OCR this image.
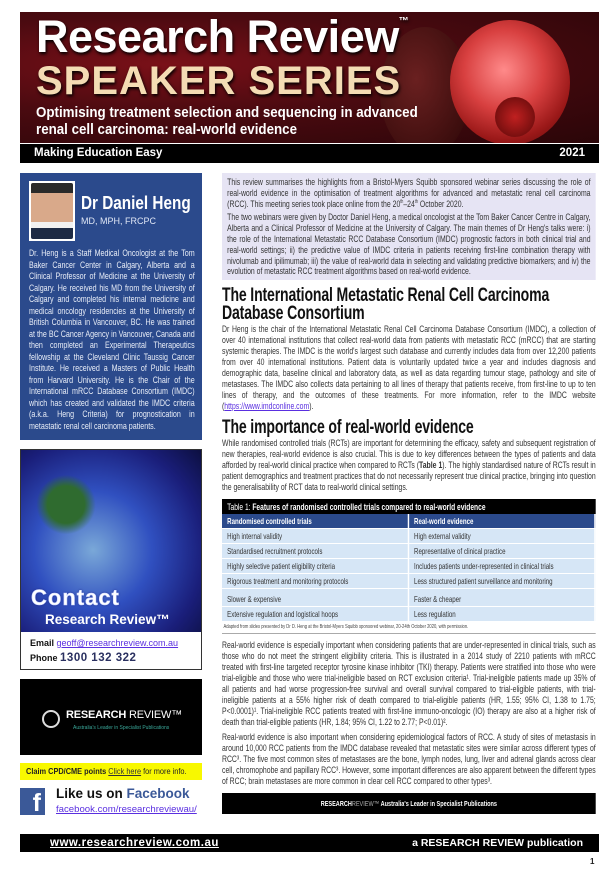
Research Review™
SPEAKER SERIES
Optimising treatment selection and sequencing in advanced
renal cell carcinoma: real-world evidence
Making Education Easy	2021
Dr Daniel Heng
MD, MPH, FRCPC
Dr. Heng is a Staff Medical Oncologist at the Tom Baker Cancer Center in Calgary, Alberta and a Clinical Professor of Medicine at the University of Calgary. He received his MD from the University of Calgary and completed his internal medicine and medical oncology residencies at the University of British Columbia in Vancouver, BC. He was trained at the BC Cancer Agency in Vancouver, Canada and then completed an Experimental Therapeutics fellowship at the Cleveland Clinic Taussig Cancer Institute. He received a Masters of Public Health from Harvard University. He is the Chair of the International mRCC Database Consortium (IMDC) which has created and validated the IMDC criteria (a.k.a. Heng Criteria) for prognostication in metastatic renal cell carcinoma patients.
Contact
Research Review™
Email geoff@researchreview.com.au
Phone 1300 132 322
RESEARCH REVIEW™
Australia's Leader in Specialist Publications
Claim CPD/CME points Click here for more info.
f Like us on Facebook
facebook.com/researchreviewau/

This review summarises the highlights from a Bristol-Myers Squibb sponsored webinar series discussing the role of real-world evidence in the optimisation of treatment algorithms for advanced and metastatic renal cell carcinoma (RCC). This meeting series took place online from the 20th–24th October 2020.

The two webinars were given by Doctor Daniel Heng, a medical oncologist at the Tom Baker Cancer Centre in Calgary, Alberta and a Clinical Professor of Medicine at the University of Calgary. The main themes of Dr Heng's talks were: i) the role of the International Metastatic RCC Database Consortium (IMDC) prognostic factors in both clinical trial and real-world settings; ii) the predictive value of IMDC criteria in patients receiving first-line combination therapy with nivolumab and ipilimumab; iii) the value of real-world data in selecting and validating predictive biomarkers; and iv) the evolution of metastatic RCC treatment algorithms based on real-world evidence.

The International Metastatic Renal Cell Carcinoma Database Consortium

Dr Heng is the chair of the International Metastatic Renal Cell Carcinoma Database Consortium (IMDC), a collection of over 40 international institutions that collect real-world data from patients with metastatic RCC (mRCC) that are starting systemic therapies. The IMDC is the world's largest such database and currently includes data from over 12,200 patients from over 40 international institutions. Patient data is voluntarily updated twice a year and includes diagnosis and demographic data, baseline clinical and laboratory data, as well as data regarding tumour stage, pathology and site of metastases. The IMDC also collects data pertaining to all lines of therapy that patients receive, from first-line to up to ten lines of therapy, and the outcomes of these treatments. For more information, refer to the IMDC website (https://www.imdconline.com).

The importance of real-world evidence

While randomised controlled trials (RCTs) are important for determining the efficacy, safety and subsequent registration of new therapies, real-world evidence is also crucial. This is due to key differences between the types of patients and data afforded by real-world clinical practice when compared to RCTs (Table 1). The highly standardised nature of RCTs result in patient demographics and treatment practices that do not necessarily represent true clinical practice, bringing into question the generalisability of RCT data to real-world clinical settings.

Table 1: Features of randomised controlled trials compared to real-world evidence
Randomised controlled trials	Real-world evidence
High internal validity	High external validity
Standardised recruitment protocols	Representative of clinical practice
Highly selective patient eligibility criteria	Includes patients under-represented in clinical trials
Rigorous treatment and monitoring protocols	Less structured patient surveillance and monitoring
Slower & expensive	Faster & cheaper
Extensive regulation and logistical hoops	Less regulation
Adapted from slides presented by Dr D. Heng at the Bristol-Myers Squibb sponsored webinar, 20-24th October 2020, with permission.

Real-world evidence is especially important when considering patients that are under-represented in clinical trials, such as those who do not meet the stringent eligibility criteria. This is illustrated in a 2014 study of 2210 patients with mRCC treated with first-line targeted receptor tyrosine kinase inhibitor (TKI) therapy. Patients were stratified into those who were trial-eligible and those who were trial-ineligible based on RCT exclusion criteria¹. Trial-ineligible patients made up 35% of all patients and had worse progression-free survival and overall survival compared to trial-eligible patients, with trial-ineligible patients at a 55% higher risk of death compared to trial-eligible patients (HR, 1.55; 95% CI, 1.38 to 1.75; P<0.0001)¹. Trial-ineligible RCC patients treated with first-line immuno-oncologic (IO) therapy are also at a higher risk of death than trial-eligible patients (HR, 1.84; 95% CI, 1.22 to 2.77; P<0.01)².

Real-world evidence is also important when considering epidemiological factors of RCC. A study of sites of metastasis in around 10,000 RCC patients from the IMDC database revealed that metastatic sites were similar across different types of RCC³. The five most common sites of metastases are the bone, lymph nodes, lung, liver and adrenal glands across clear cell, chromophobe and papillary RCC³. However, some important differences are also apparent between the different types of RCC; brain metastases are more common in clear cell RCC compared to other types³.

RESEARCHREVIEW™ Australia's Leader in Specialist Publications
www.researchreview.com.au	a RESEARCH REVIEW publication
1
